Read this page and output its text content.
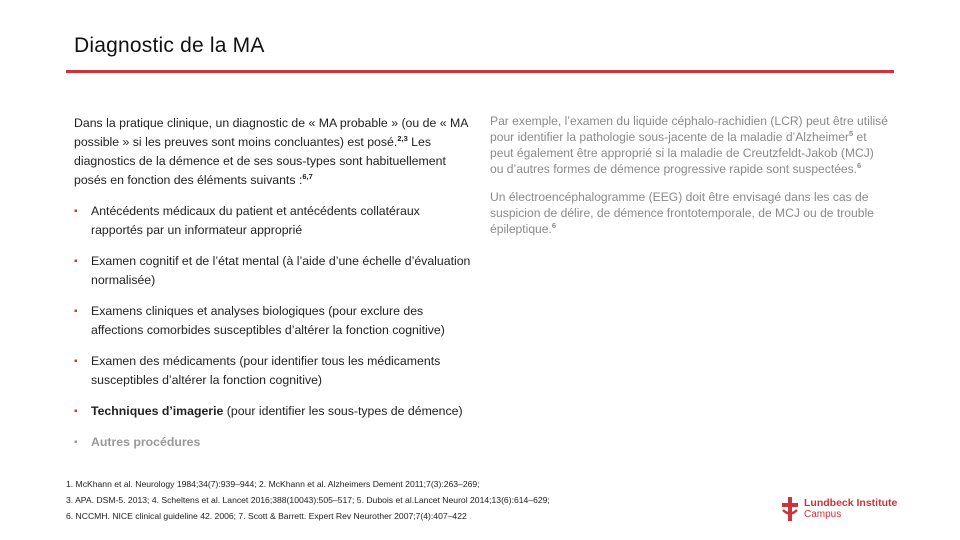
Diagnostic de la MA

Dans la pratique clinique, un diagnostic de « MA probable » (ou de « MA possible » si les preuves sont moins concluantes) est posé.$^{2,3}$ Les diagnostics de la démence et de ses sous-types sont habituellement posés en fonction des éléments suivants :$^{6,7}$

▪ Antécédents médicaux du patient et antécédents collatéraux rapportés par un informateur approprié
▪ Examen cognitif et de l’état mental (à l’aide d’une échelle d’évaluation normalisée)
▪ Examens cliniques et analyses biologiques (pour exclure des affections comorbides susceptibles d’altérer la fonction cognitive)
▪ Examen des médicaments (pour identifier tous les médicaments susceptibles d’altérer la fonction cognitive)
▪ Techniques d’imagerie (pour identifier les sous-types de démence)
▪ Autres procédures

Par exemple, l’examen du liquide céphalo-rachidien (LCR) peut être utilisé pour identifier la pathologie sous-jacente de la maladie d’Alzheimer$^5$ et peut également être approprié si la maladie de Creutzfeldt-Jakob (MCJ) ou d’autres formes de démence progressive rapide sont suspectées.$^6$

Un électroencéphalogramme (EEG) doit être envisagé dans les cas de suspicion de délire, de démence frontotemporale, de MCJ ou de trouble épileptique.$^6$

1. McKhann et al. Neurology 1984;34(7):939–944; 2. McKhann et al. Alzheimers Dement 2011;7(3):263–269;
3. APA. DSM-5. 2013; 4. Scheltens et al. Lancet 2016;388(10043):505–517; 5. Dubois et al.Lancet Neurol 2014;13(6):614–629;
6. NCCMH. NICE clinical guideline 42. 2006; 7. Scott & Barrett. Expert Rev Neurother 2007;7(4):407–422
Lundbeck Institute
Campus
